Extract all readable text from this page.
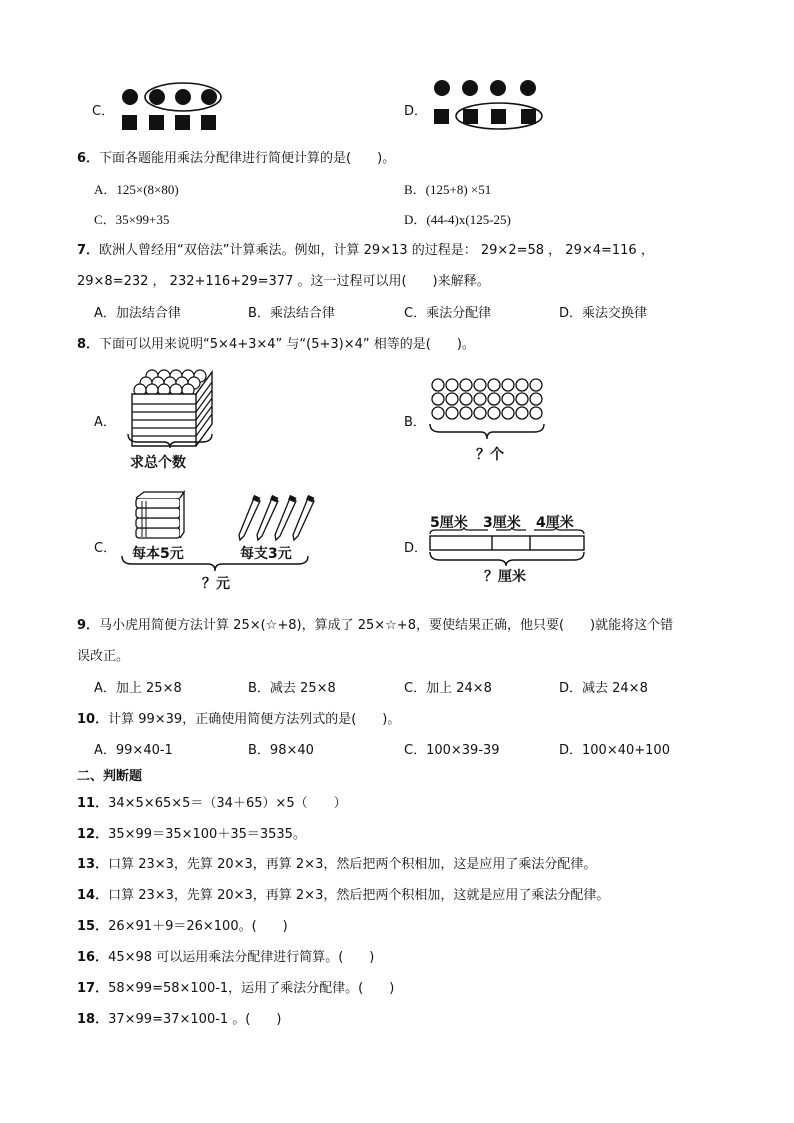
C．	D．
6．下面各题能用乘法分配律进行简便计算的是(　　)。
A．125×(8×80)	B．(125+8) ×51
C．35×99+35	D．(44-4)x(125-25)
7．欧洲人曾经用“双倍法”计算乘法。例如，计算 29×13 的过程是： 29×2=58 ， 29×4=116 ，
29×8=232 ， 232+116+29=377 。这一过程可以用(　　)来解释。
A．加法结合律	B．乘法结合律	C．乘法分配律	D．乘法交换律
8．下面可以用来说明“5×4+3×4” 与“(5+3)×4” 相等的是(　　)。
A．
求总个数
B．
？个
C． 每本5元	每支3元
？元
D．
5厘米 3厘米 4厘米
？厘米
9．马小虎用简便方法计算 25×(☆+8)，算成了 25×☆+8，要使结果正确，他只要(　　)就能将这个错
误改正。
A．加上 25×8	B．减去 25×8	C．加上 24×8	D．减去 24×8
10．计算 99×39，正确使用简便方法列式的是(　　)。
A．99×40-1	B．98×40	C．100×39-39	D．100×40+100
二、判断题
11．34×5×65×5＝（34＋65）×5（　　）
12．35×99＝35×100＋35＝3535。
13．口算 23×3，先算 20×3，再算 2×3，然后把两个积相加，这是应用了乘法分配律。
14．口算 23×3，先算 20×3，再算 2×3，然后把两个积相加，这就是应用了乘法分配律。
15．26×91＋9＝26×100。(　　)
16．45×98 可以运用乘法分配律进行简算。(　　)
17．58×99=58×100-1，运用了乘法分配律。(　　)
18．37×99=37×100-1 。(　　)
